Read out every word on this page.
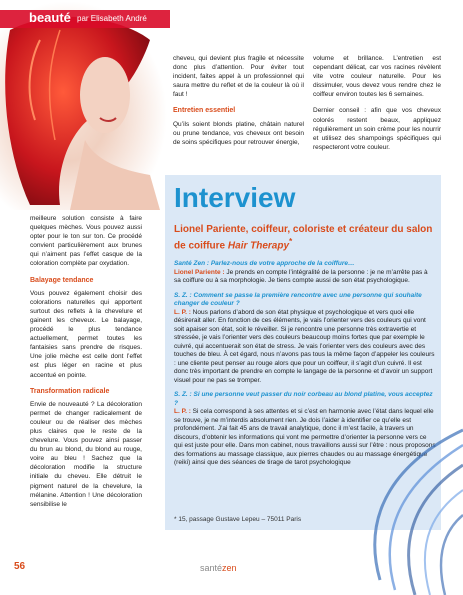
beauté par Elisabeth André

meilleure solution consiste à faire quelques mèches. Vous pouvez aussi opter pour le ton sur ton. Ce procédé convient particulièrement aux brunes qui n’aiment pas l’effet casque de la coloration complète par oxydation.

Balayage tendance

Vous pouvez également choisir des colorations naturelles qui apportent surtout des reflets à la chevelure et gainent les cheveux. Le balayage, procédé le plus tendance actuellement, permet toutes les fantaisies sans prendre de risques. Une jolie mèche est celle dont l’effet est plus léger en racine et plus accentué en pointe.

Transformation radicale

Envie de nouveauté ? La décoloration permet de changer radicalement de couleur ou de réaliser des mèches plus claires que le reste de la chevelure. Vous pouvez ainsi passer du brun au blond, du blond au rouge, voire au bleu ! Sachez que la décoloration modifie la structure initiale du cheveu. Elle détruit le pigment naturel de la chevelure, la mélanine. Attention ! Une décoloration sensibilise le

cheveu, qui devient plus fragile et nécessite donc plus d’attention. Pour éviter tout incident, faites appel à un professionnel qui saura mettre du reflet et de la couleur là où il faut !

Entretien essentiel

Qu’ils soient blonds platine, châtain naturel ou prune tendance, vos cheveux ont besoin de soins spécifiques pour retrouver énergie,

volume et brillance. L’entretien est cependant délicat, car vos racines révèlent vite votre couleur naturelle. Pour les dissimuler, vous devez vous rendre chez le coiffeur environ toutes les 6 semaines.

Dernier conseil : afin que vos cheveux colorés restent beaux, appliquez régulièrement un soin crème pour les nourrir et utilisez des shampoings spécifiques qui respecteront votre couleur.

Interview
Lionel Pariente, coiffeur, coloriste et créateur du salon de coiffure Hair Therapy*

Santé Zen : Parlez-nous de votre approche de la coiffure…
Lionel Pariente : Je prends en compte l’intégralité de la personne : je ne m’arrête pas à sa coiffure ou à sa morphologie. Je tiens compte aussi de son état psychologique.

S. Z. : Comment se passe la première rencontre avec une personne qui souhaite changer de couleur ?
L. P. : Nous parlons d’abord de son état physique et psychologique et vers quoi elle désirerait aller. En fonction de ces éléments, je vais l’orienter vers des couleurs qui vont soit apaiser son état, soit le réveiller. Si je rencontre une personne très extravertie et stressée, je vais l’orienter vers des couleurs beaucoup moins fortes que par exemple le cuivré, qui accentuerait son état de stress. Je vais l’orienter vers des couleurs avec des touches de bleu. À cet égard, nous n’avons pas tous la même façon d’appeler les couleurs : une cliente peut penser au rouge alors que pour un coiffeur, il s’agit d’un cuivré. Il est donc très important de prendre en compte le langage de la personne et d’avoir un support visuel pour ne pas se tromper.

S. Z. : Si une personne veut passer du noir corbeau au blond platine, vous acceptez ?
L. P. : Si cela correspond à ses attentes et si c’est en harmonie avec l’état dans lequel elle se trouve, je ne m’interdis absolument rien. Je dois l’aider à identifier ce qu’elle est profondément. J’ai fait 45 ans de travail analytique, donc il m’est facile, à travers un discours, d’obtenir les informations qui vont me permettre d’orienter la personne vers ce qui est juste pour elle. Dans mon cabinet, nous travaillons aussi sur l’être : nous proposons des formations au massage classique, aux pierres chaudes ou au massage énergétique (reiki) ainsi que des séances de tirage de tarot psychologique

* 15, passage Gustave Lepeu – 75011 Paris
56	santézen
